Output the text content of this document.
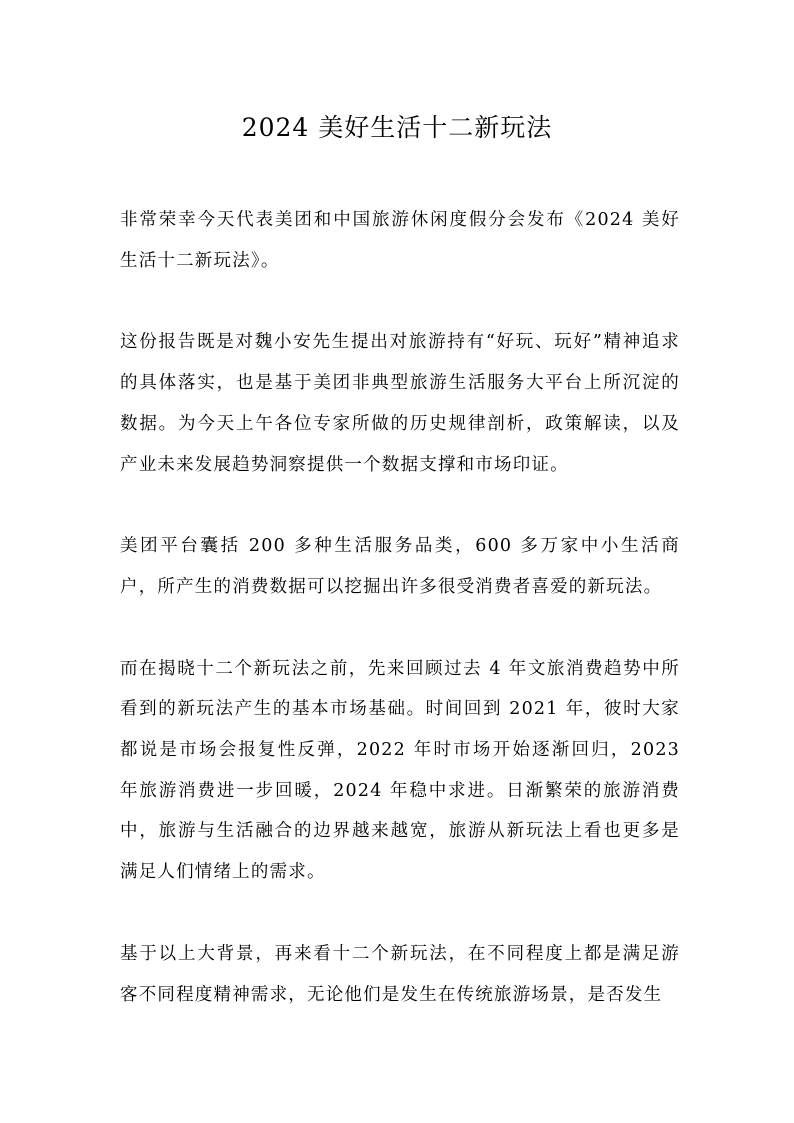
2024 美好生活十二新玩法

非常荣幸今天代表美团和中国旅游休闲度假分会发布《2024 美好生活十二新玩法》。

这份报告既是对魏小安先生提出对旅游持有“好玩、玩好”精神追求的具体落实，也是基于美团非典型旅游生活服务大平台上所沉淀的数据。为今天上午各位专家所做的历史规律剖析，政策解读，以及产业未来发展趋势洞察提供一个数据支撑和市场印证。

美团平台囊括 200 多种生活服务品类，600 多万家中小生活商户，所产生的消费数据可以挖掘出许多很受消费者喜爱的新玩法。

而在揭晓十二个新玩法之前，先来回顾过去 4 年文旅消费趋势中所看到的新玩法产生的基本市场基础。时间回到 2021 年，彼时大家都说是市场会报复性反弹，2022 年时市场开始逐渐回归，2023 年旅游消费进一步回暖，2024 年稳中求进。日渐繁荣的旅游消费中，旅游与生活融合的边界越来越宽，旅游从新玩法上看也更多是满足人们情绪上的需求。

基于以上大背景，再来看十二个新玩法，在不同程度上都是满足游客不同程度精神需求，无论他们是发生在传统旅游场景，是否发生
